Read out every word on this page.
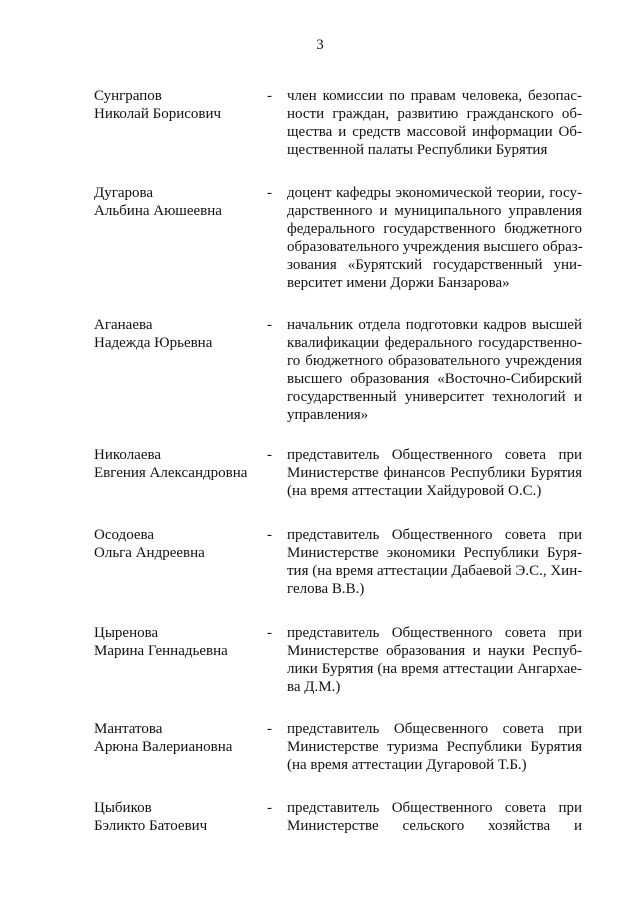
3
Сунграпов
Николай Борисович
- член комиссии по правам человека, безопас-
ности граждан, развитию гражданского об-
щества и средств массовой информации Об-
щественной палаты Республики Бурятия
Дугарова
Альбина Аюшеевна
- доцент кафедры экономической теории, госу-
дарственного и муниципального управления
федерального государственного бюджетного
образовательного учреждения высшего образ-
зования «Бурятский государственный уни-
верситет имени Доржи Банзарова»
Аганаева
Надежда Юрьевна
- начальник отдела подготовки кадров высшей
квалификации федерального государственно-
го бюджетного образовательного учреждения
высшего образования «Восточно-Сибирский
государственный университет технологий и
управления»
Николаева
Евгения Александровна
- представитель Общественного совета при
Министерстве финансов Республики Бурятия
(на время аттестации Хайдуровой О.С.)
Осодоева
Ольга Андреевна
- представитель Общественного совета при
Министерстве экономики Республики Буря-
тия (на время аттестации Дабаевой Э.С., Хин-
гелова В.В.)
Цыренова
Марина Геннадьевна
- представитель Общественного совета при
Министерстве образования и науки Респуб-
лики Бурятия (на время аттестации Ангархае-
ва Д.М.)
Мантатова
Арюна Валериановна
- представитель Общесвенного совета при
Министерстве туризма Республики Бурятия
(на время аттестации Дугаровой Т.Б.)
Цыбиков
Бэликто Батоевич
- представитель Общественного совета при
Министерстве сельского хозяйства и
